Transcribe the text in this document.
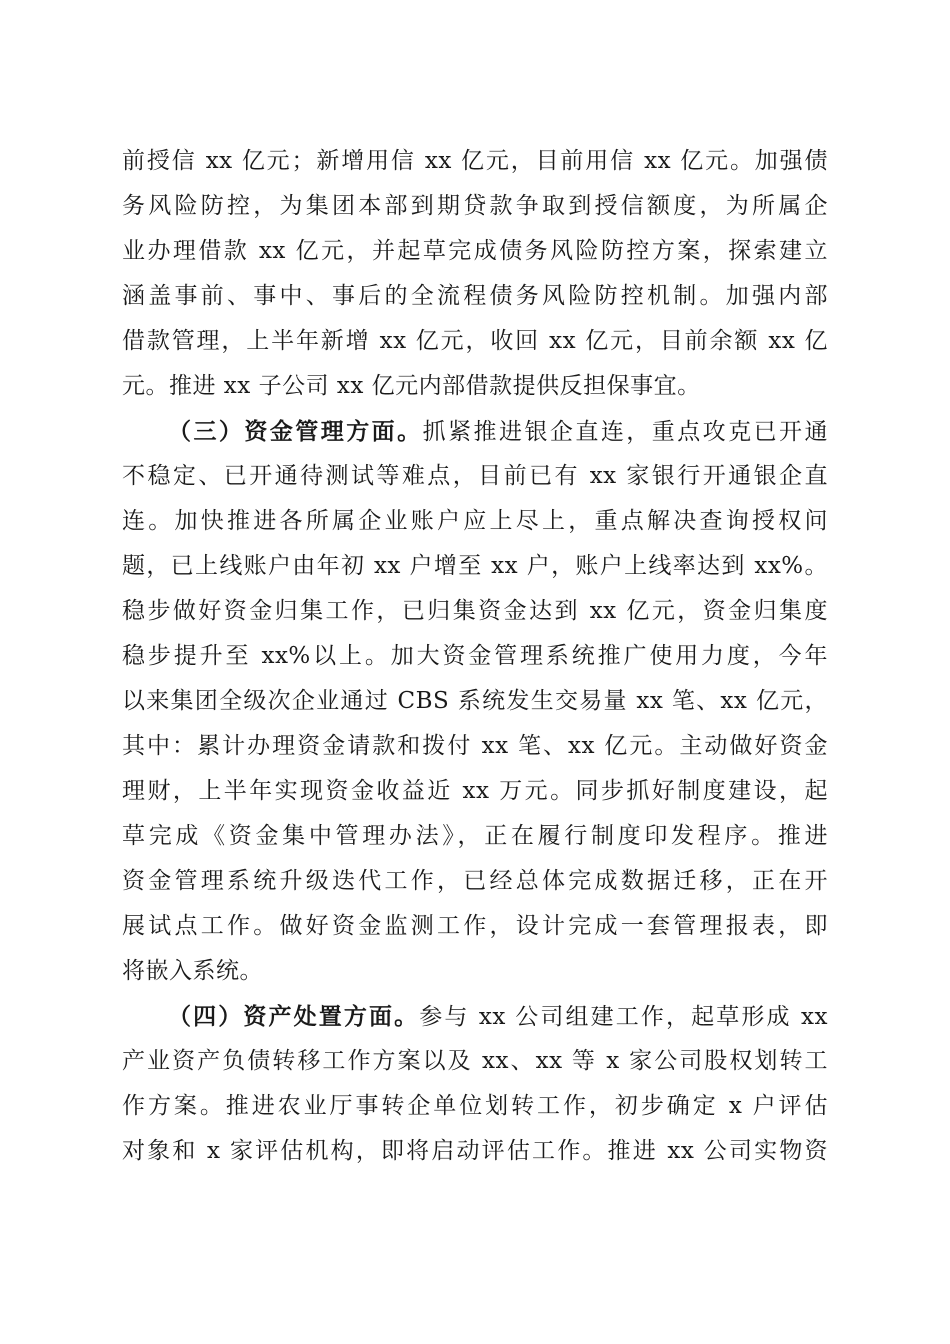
前授信 xx 亿元；新增用信 xx 亿元，目前用信 xx 亿元。加强债
务风险防控，为集团本部到期贷款争取到授信额度，为所属企
业办理借款 xx 亿元，并起草完成债务风险防控方案，探索建立
涵盖事前、事中、事后的全流程债务风险防控机制。加强内部
借款管理，上半年新增 xx 亿元，收回 xx 亿元，目前余额 xx 亿
元。推进 xx 子公司 xx 亿元内部借款提供反担保事宜。
（三）资金管理方面。抓紧推进银企直连，重点攻克已开通
不稳定、已开通待测试等难点，目前已有 xx 家银行开通银企直
连。加快推进各所属企业账户应上尽上，重点解决查询授权问
题，已上线账户由年初 xx 户增至 xx 户，账户上线率达到 xx%。
稳步做好资金归集工作，已归集资金达到 xx 亿元，资金归集度
稳步提升至 xx%以上。加大资金管理系统推广使用力度，今年
以来集团全级次企业通过 CBS 系统发生交易量 xx 笔、xx 亿元，
其中：累计办理资金请款和拨付 xx 笔、xx 亿元。主动做好资金
理财，上半年实现资金收益近 xx 万元。同步抓好制度建设，起
草完成《资金集中管理办法》，正在履行制度印发程序。推进
资金管理系统升级迭代工作，已经总体完成数据迁移，正在开
展试点工作。做好资金监测工作，设计完成一套管理报表，即
将嵌入系统。
（四）资产处置方面。参与 xx 公司组建工作，起草形成 xx
产业资产负债转移工作方案以及 xx、xx 等 x 家公司股权划转工
作方案。推进农业厅事转企单位划转工作，初步确定 x 户评估
对象和 x 家评估机构，即将启动评估工作。推进 xx 公司实物资
